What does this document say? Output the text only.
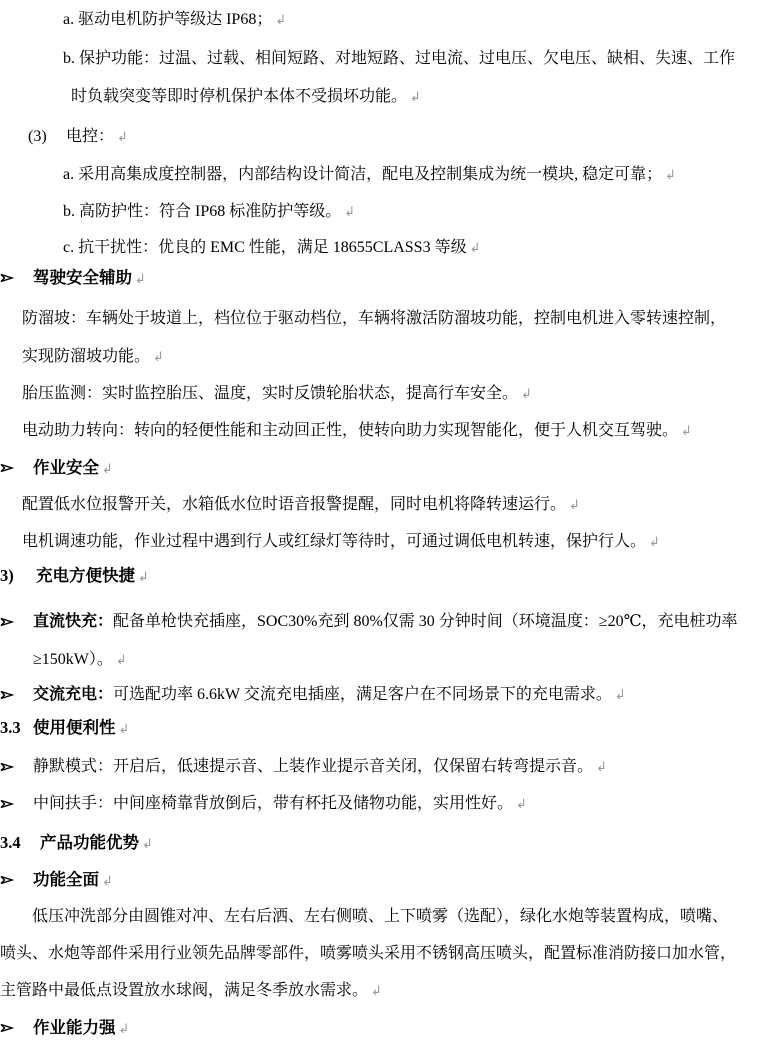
a. 驱动电机防护等级达 IP68； ↲
b. 保护功能：过温、过载、相间短路、对地短路、过电流、过电压、欠电压、缺相、失速、工作
时负载突变等即时停机保护本体不受损坏功能。 ↲
(3) 电控： ↲
a. 采用高集成度控制器，内部结构设计简洁，配电及控制集成为统一模块, 稳定可靠； ↲
b. 高防护性：符合 IP68 标准防护等级。 ↲
c. 抗干扰性：优良的 EMC 性能，满足 18655CLASS3 等级 ↲
驾驶安全辅助 ↲
防溜坡：车辆处于坡道上，档位位于驱动档位，车辆将激活防溜坡功能，控制电机进入零转速控制，
实现防溜坡功能。 ↲
胎压监测：实时监控胎压、温度，实时反馈轮胎状态，提高行车安全。 ↲
电动助力转向：转向的轻便性能和主动回正性，使转向助力实现智能化，便于人机交互驾驶。 ↲
作业安全 ↲
配置低水位报警开关，水箱低水位时语音报警提醒，同时电机将降转速运行。 ↲
电机调速功能，作业过程中遇到行人或红绿灯等待时，可通过调低电机转速，保护行人。 ↲
3) 充电方便快捷 ↲
直流快充：配备单枪快充插座，SOC30%充到 80%仅需 30 分钟时间（环境温度：≥20℃，充电桩功率
≥150kW）。 ↲
交流充电：可选配功率 6.6kW 交流充电插座，满足客户在不同场景下的充电需求。 ↲
3.3 使用便利性 ↲
静默模式：开启后，低速提示音、上装作业提示音关闭，仅保留右转弯提示音。 ↲
中间扶手：中间座椅靠背放倒后，带有杯托及储物功能，实用性好。 ↲
3.4 产品功能优势 ↲
功能全面 ↲
低压冲洗部分由圆锥对冲、左右后洒、左右侧喷、上下喷雾（选配），绿化水炮等装置构成，喷嘴、
喷头、水炮等部件采用行业领先品牌零部件，喷雾喷头采用不锈钢高压喷头，配置标准消防接口加水管，
主管路中最低点设置放水球阀，满足冬季放水需求。 ↲
作业能力强 ↲
